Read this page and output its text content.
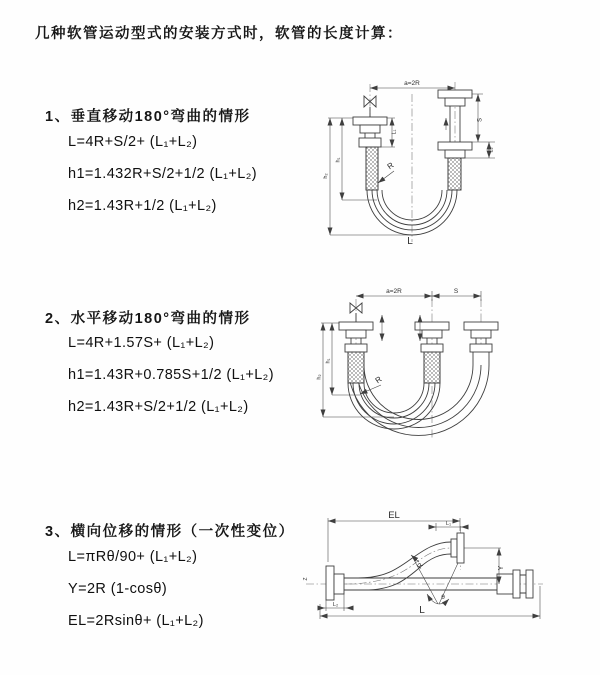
几种软管运动型式的安装方式时，软管的长度计算：
1、垂直移动180°弯曲的情形
L=4R+S/2+ (L₁+L₂)
h1=1.432R+S/2+1/2 (L₁+L₂)
h2=1.43R+1/2 (L₁+L₂)
2、水平移动180°弯曲的情形
L=4R+1.57S+ (L₁+L₂)
h1=1.43R+0.785S+1/2 (L₁+L₂)
h2=1.43R+S/2+1/2 (L₁+L₂)
3、横向位移的情形（一次性变位）
L=πRθ/90+ (L₁+L₂)
Y=2R (1-cosθ)
EL=2Rsinθ+ (L₁+L₂)
a=2R
S
L₁
L₂
h₁
h₂
R
L
a=2R	S
h₁
h₂	R
EL
L₁
Y
L₂	L
R
θ
Z
